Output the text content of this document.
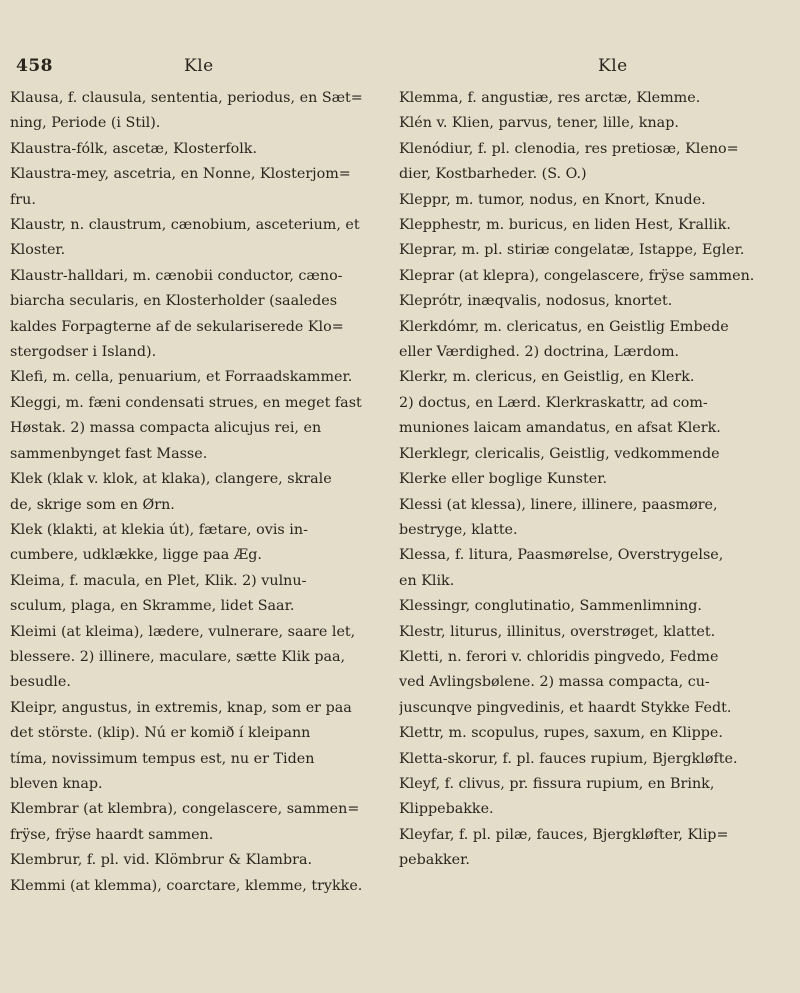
458	Kle	Kle
Klausa, f. clausula, sententia, periodus, en Sæt=
ning, Periode (i Stil).
Klaustra-fólk, ascetæ, Klosterfolk.
Klaustra-mey, ascetria, en Nonne, Klosterjom=
fru.
Klaustr, n. claustrum, cænobium, asceterium, et
Kloster.
Klaustr-halldari, m. cænobii conductor, cæno-
biarcha secularis, en Klosterholder (saaledes
kaldes Forpagterne af de sekulariserede Klo=
stergodser i Island).
Klefi, m. cella, penuarium, et Forraadskammer.
Kleggi, m. fæni condensati strues, en meget fast
Høstak. 2) massa compacta alicujus rei, en
sammenbynget fast Masse.
Klek (klak v. klok, at klaka), clangere, skrale
de, skrige som en Ørn.
Klek (klakti, at klekia út), fætare, ovis in-
cumbere, udklække, ligge paa Æg.
Kleima, f. macula, en Plet, Klik. 2) vulnu-
sculum, plaga, en Skramme, lidet Saar.
Kleimi (at kleima), lædere, vulnerare, saare let,
blessere. 2) illinere, maculare, sætte Klik paa,
besudle.
Kleipr, angustus, in extremis, knap, som er paa
det störste. (klip). Nú er komið í kleipann
tíma, novissimum tempus est, nu er Tiden
bleven knap.
Klembrar (at klembra), congelascere, sammen=
frÿse, frÿse haardt sammen.
Klembrur, f. pl. vid. Klömbrur & Klambra.
Klemmi (at klemma), coarctare, klemme, trykke.
Klemma, f. angustiæ, res arctæ, Klemme.
Klén v. Klien, parvus, tener, lille, knap.
Klenódiur, f. pl. clenodia, res pretiosæ, Kleno=
dier, Kostbarheder. (S. O.)
Kleppr, m. tumor, nodus, en Knort, Knude.
Klepphestr, m. buricus, en liden Hest, Krallik.
Kleprar, m. pl. stiriæ congelatæ, Istappe, Egler.
Kleprar (at klepra), congelascere, frÿse sammen.
Kleprótr, inæqvalis, nodosus, knortet.
Klerkdómr, m. clericatus, en Geistlig Embede
eller Værdighed. 2) doctrina, Lærdom.
Klerkr, m. clericus, en Geistlig, en Klerk.
2) doctus, en Lærd. Klerkraskattr, ad com-
muniones laicam amandatus, en afsat Klerk.
Klerklegr, clericalis, Geistlig, vedkommende
Klerke eller boglige Kunster.
Klessi (at klessa), linere, illinere, paasmøre,
bestryge, klatte.
Klessa, f. litura, Paasmørelse, Overstrygelse,
en Klik.
Klessingr, conglutinatio, Sammenlimning.
Klestr, liturus, illinitus, overstrøget, klattet.
Kletti, n. ferori v. chloridis pingvedo, Fedme
ved Avlingsbølene. 2) massa compacta, cu-
juscunqve pingvedinis, et haardt Stykke Fedt.
Klettr, m. scopulus, rupes, saxum, en Klippe.
Kletta-skorur, f. pl. fauces rupium, Bjergkløfte.
Kleyf, f. clivus, pr. fissura rupium, en Brink,
Klippebakke.
Kleyfar, f. pl. pilæ, fauces, Bjergkløfter, Klip=
pebakker.
